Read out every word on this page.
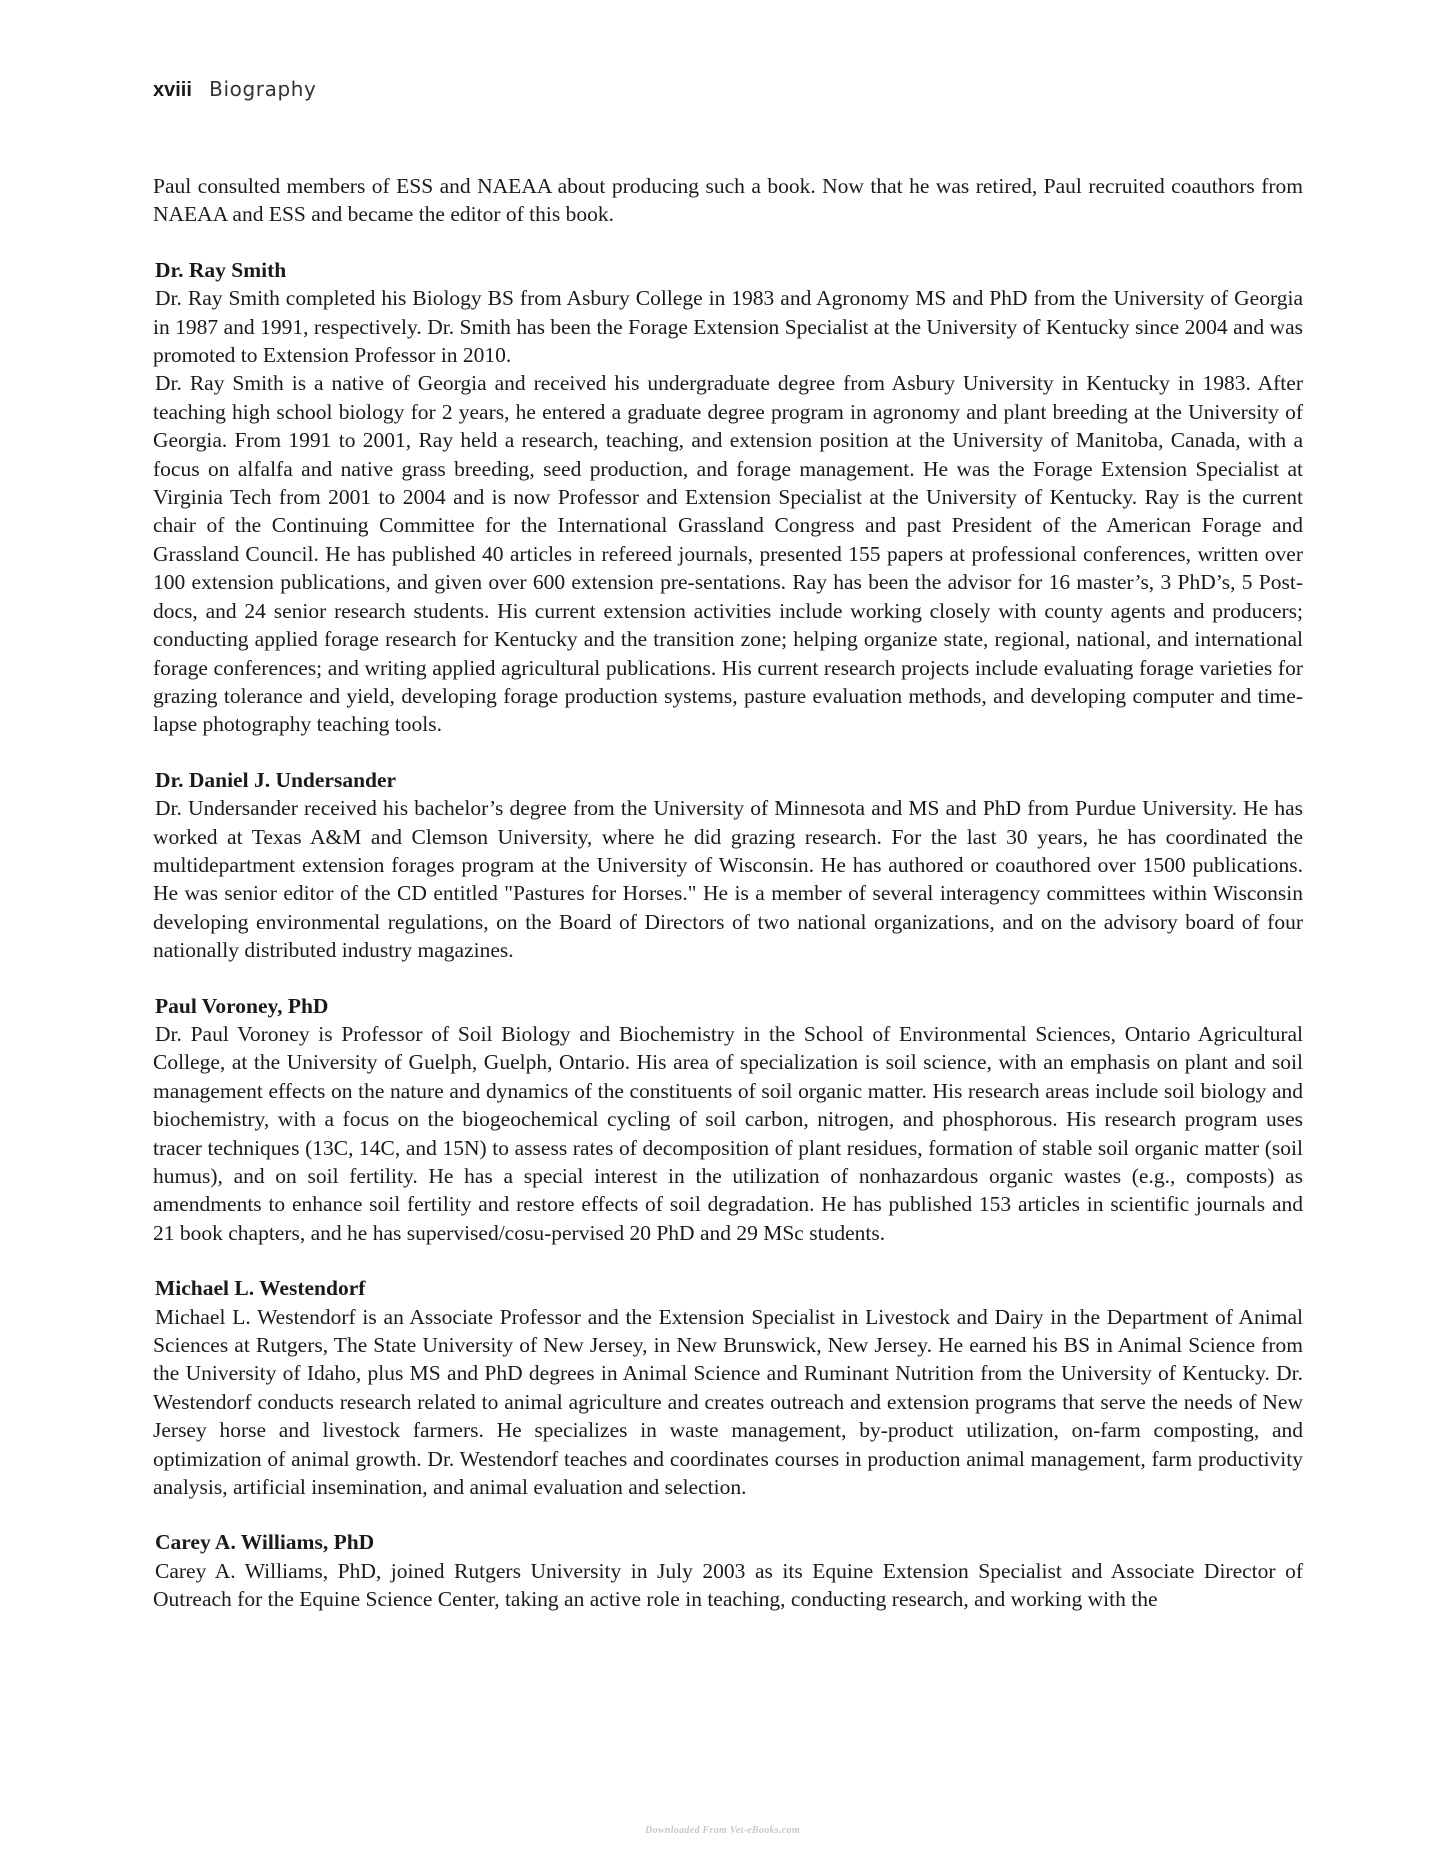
xviii Biography

Paul consulted members of ESS and NAEAA about producing such a book. Now that he was retired, Paul recruited coauthors from NAEAA and ESS and became the editor of this book.

Dr. Ray Smith

Dr. Ray Smith completed his Biology BS from Asbury College in 1983 and Agronomy MS and PhD from the University of Georgia in 1987 and 1991, respectively. Dr. Smith has been the Forage Extension Specialist at the University of Kentucky since 2004 and was promoted to Extension Professor in 2010.

Dr. Ray Smith is a native of Georgia and received his undergraduate degree from Asbury University in Kentucky in 1983. After teaching high school biology for 2 years, he entered a graduate degree program in agronomy and plant breeding at the University of Georgia. From 1991 to 2001, Ray held a research, teaching, and extension position at the University of Manitoba, Canada, with a focus on alfalfa and native grass breeding, seed production, and forage management. He was the Forage Extension Specialist at Virginia Tech from 2001 to 2004 and is now Professor and Extension Specialist at the University of Kentucky. Ray is the current chair of the Continuing Committee for the International Grassland Congress and past President of the American Forage and Grassland Council. He has published 40 articles in refereed journals, presented 155 papers at professional conferences, written over 100 extension publications, and given over 600 extension pre-sentations. Ray has been the advisor for 16 master’s, 3 PhD’s, 5 Post-docs, and 24 senior research students. His current extension activities include working closely with county agents and producers; conducting applied forage research for Kentucky and the transition zone; helping organize state, regional, national, and international forage conferences; and writing applied agricultural publications. His current research projects include evaluating forage varieties for grazing tolerance and yield, developing forage production systems, pasture evaluation methods, and developing computer and time-lapse photography teaching tools.

Dr. Daniel J. Undersander

Dr. Undersander received his bachelor’s degree from the University of Minnesota and MS and PhD from Purdue University. He has worked at Texas A&M and Clemson University, where he did grazing research. For the last 30 years, he has coordinated the multidepartment extension forages program at the University of Wisconsin. He has authored or coauthored over 1500 publications. He was senior editor of the CD entitled "Pastures for Horses." He is a member of several interagency committees within Wisconsin developing environmental regulations, on the Board of Directors of two national organizations, and on the advisory board of four nationally distributed industry magazines.

Paul Voroney, PhD

Dr. Paul Voroney is Professor of Soil Biology and Biochemistry in the School of Environmental Sciences, Ontario Agricultural College, at the University of Guelph, Guelph, Ontario. His area of specialization is soil science, with an emphasis on plant and soil management effects on the nature and dynamics of the constituents of soil organic matter. His research areas include soil biology and biochemistry, with a focus on the biogeochemical cycling of soil carbon, nitrogen, and phosphorous. His research program uses tracer techniques (13C, 14C, and 15N) to assess rates of decomposition of plant residues, formation of stable soil organic matter (soil humus), and on soil fertility. He has a special interest in the utilization of nonhazardous organic wastes (e.g., composts) as amendments to enhance soil fertility and restore effects of soil degradation. He has published 153 articles in scientific journals and 21 book chapters, and he has supervised/cosu-pervised 20 PhD and 29 MSc students.

Michael L. Westendorf

Michael L. Westendorf is an Associate Professor and the Extension Specialist in Livestock and Dairy in the Department of Animal Sciences at Rutgers, The State University of New Jersey, in New Brunswick, New Jersey. He earned his BS in Animal Science from the University of Idaho, plus MS and PhD degrees in Animal Science and Ruminant Nutrition from the University of Kentucky. Dr. Westendorf conducts research related to animal agriculture and creates outreach and extension programs that serve the needs of New Jersey horse and livestock farmers. He specializes in waste management, by-product utilization, on-farm composting, and optimization of animal growth. Dr. Westendorf teaches and coordinates courses in production animal management, farm productivity analysis, artificial insemination, and animal evaluation and selection.

Carey A. Williams, PhD

Carey A. Williams, PhD, joined Rutgers University in July 2003 as its Equine Extension Specialist and Associate Director of Outreach for the Equine Science Center, taking an active role in teaching, conducting research, and working with the

Downloaded From Vet-eBooks.com
